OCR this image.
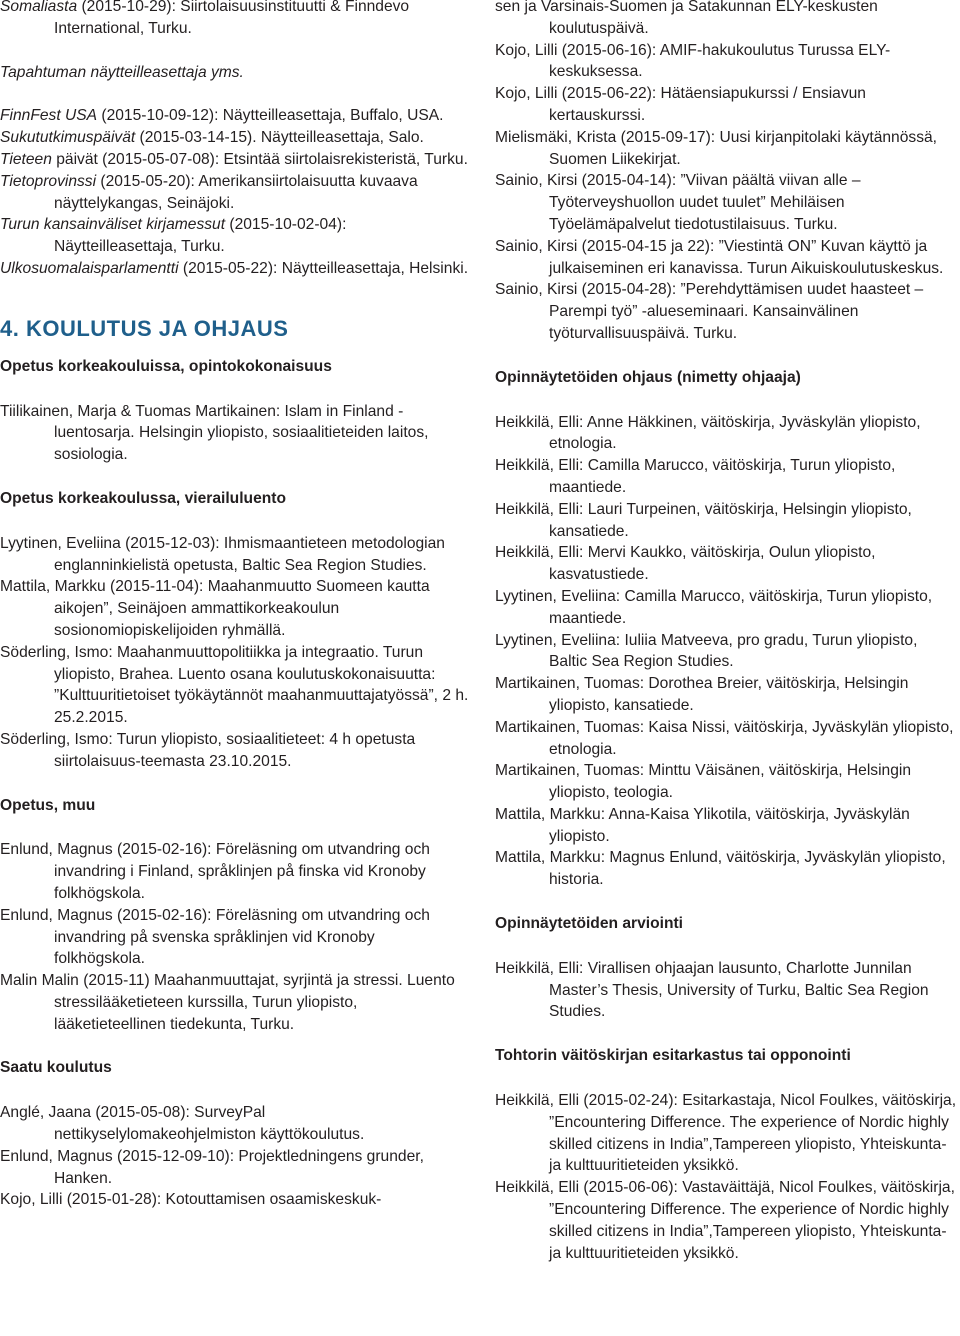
Somaliasta (2015-10-29): Siirtolaisuusinstituutti & Finndevo International, Turku.

Tapahtuman näytteilleasettaja yms.

FinnFest USA (2015-10-09-12): Näytteilleasettaja, Buffalo, USA.

Sukututkimuspäivät (2015-03-14-15). Näytteilleasettaja, Salo.

Tieteen päivät (2015-05-07-08): Etsintää siirtolaisrekisteristä, Turku.

Tietoprovinssi (2015-05-20): Amerikansiirtolaisuutta kuvaava näyttelykangas, Seinäjoki.

Turun kansainväliset kirjamessut (2015-10-02-04): Näytteilleasettaja, Turku.

Ulkosuomalaisparlamentti (2015-05-22): Näytteilleasettaja, Helsinki.

4. KOULUTUS JA OHJAUS

Opetus korkeakouluissa, opintokokonaisuus

Tiilikainen, Marja & Tuomas Martikainen: Islam in Finland -luentosarja. Helsingin yliopisto, sosiaalitieteiden laitos, sosiologia.

Opetus korkeakoulussa, vierailuluento

Lyytinen, Eveliina (2015-12-03): Ihmismaantieteen metodologian englanninkielistä opetusta, Baltic Sea Region Studies.

Mattila, Markku (2015-11-04): Maahanmuutto Suomeen kautta aikojen”, Seinäjoen ammattikorkeakoulun sosionomiopiskelijoiden ryhmällä.

Söderling, Ismo: Maahanmuuttopolitiikka ja integraatio. Turun yliopisto, Brahea. Luento osana koulutuskokonaisuutta: ”Kulttuuritietoiset työkäytännöt maahanmuuttajatyössä”, 2 h. 25.2.2015.

Söderling, Ismo: Turun yliopisto, sosiaalitieteet: 4 h opetusta siirtolaisuus-teemasta 23.10.2015.

Opetus, muu

Enlund, Magnus (2015-02-16): Föreläsning om utvandring och invandring i Finland, språklinjen på finska vid Kronoby folkhögskola.

Enlund, Magnus (2015-02-16): Föreläsning om utvandring och invandring på svenska språklinjen vid Kronoby folkhögskola.

Malin Malin (2015-11) Maahanmuuttajat, syrjintä ja stressi. Luento stressilääketieteen kurssilla, Turun yliopisto, lääketieteellinen tiedekunta, Turku.

Saatu koulutus

Anglé, Jaana (2015-05-08): SurveyPal nettikyselylomakeohjelmiston käyttökoulutus.

Enlund, Magnus (2015-12-09-10): Projektledningens grunder, Hanken.

Kojo, Lilli (2015-01-28): Kotouttamisen osaamiskeskuk-

sen ja Varsinais-Suomen ja Satakunnan ELY-keskusten koulutuspäivä.

Kojo, Lilli (2015-06-16): AMIF-hakukoulutus Turussa ELY-keskuksessa.

Kojo, Lilli (2015-06-22): Hätäensiapukurssi / Ensiavun kertauskurssi.

Mielismäki, Krista (2015-09-17): Uusi kirjanpitolaki käytännössä, Suomen Liikekirjat.

Sainio, Kirsi (2015-04-14): ”Viivan päältä viivan alle – Työterveyshuollon uudet tuulet” Mehiläisen Työelämäpalvelut tiedotustilaisuus. Turku.

Sainio, Kirsi (2015-04-15 ja 22): ”Viestintä ON” Kuvan käyttö ja julkaiseminen eri kanavissa. Turun Aikuiskoulutuskeskus.

Sainio, Kirsi (2015-04-28): ”Perehdyttämisen uudet haasteet – Parempi työ” -alueseminaari. Kansainvälinen työturvallisuuspäivä. Turku.

Opinnäytetöiden ohjaus (nimetty ohjaaja)

Heikkilä, Elli: Anne Häkkinen, väitöskirja, Jyväskylän yliopisto, etnologia.

Heikkilä, Elli: Camilla Marucco, väitöskirja, Turun yliopisto, maantiede.

Heikkilä, Elli: Lauri Turpeinen, väitöskirja, Helsingin yliopisto, kansatiede.

Heikkilä, Elli: Mervi Kaukko, väitöskirja, Oulun yliopisto, kasvatustiede.

Lyytinen, Eveliina: Camilla Marucco, väitöskirja, Turun yliopisto, maantiede.

Lyytinen, Eveliina: Iuliia Matveeva, pro gradu, Turun yliopisto, Baltic Sea Region Studies.

Martikainen, Tuomas: Dorothea Breier, väitöskirja, Helsingin yliopisto, kansatiede.

Martikainen, Tuomas: Kaisa Nissi, väitöskirja, Jyväskylän yliopisto, etnologia.

Martikainen, Tuomas: Minttu Väisänen, väitöskirja, Helsingin yliopisto, teologia.

Mattila, Markku: Anna-Kaisa Ylikotila, väitöskirja, Jyväskylän yliopisto.

Mattila, Markku: Magnus Enlund, väitöskirja, Jyväskylän yliopisto, historia.

Opinnäytetöiden arviointi

Heikkilä, Elli: Virallisen ohjaajan lausunto, Charlotte Junnilan Master’s Thesis, University of Turku, Baltic Sea Region Studies.

Tohtorin väitöskirjan esitarkastus tai opponointi

Heikkilä, Elli (2015-02-24): Esitarkastaja, Nicol Foulkes, väitöskirja, ”Encountering Difference. The experience of Nordic highly skilled citizens in India”,Tampereen yliopisto, Yhteiskunta- ja kulttuuritieteiden yksikkö.

Heikkilä, Elli (2015-06-06): Vastaväittäjä, Nicol Foulkes, väitöskirja, ”Encountering Difference. The experience of Nordic highly skilled citizens in India”,Tampereen yliopisto, Yhteiskunta- ja kulttuuritieteiden yksikkö.
